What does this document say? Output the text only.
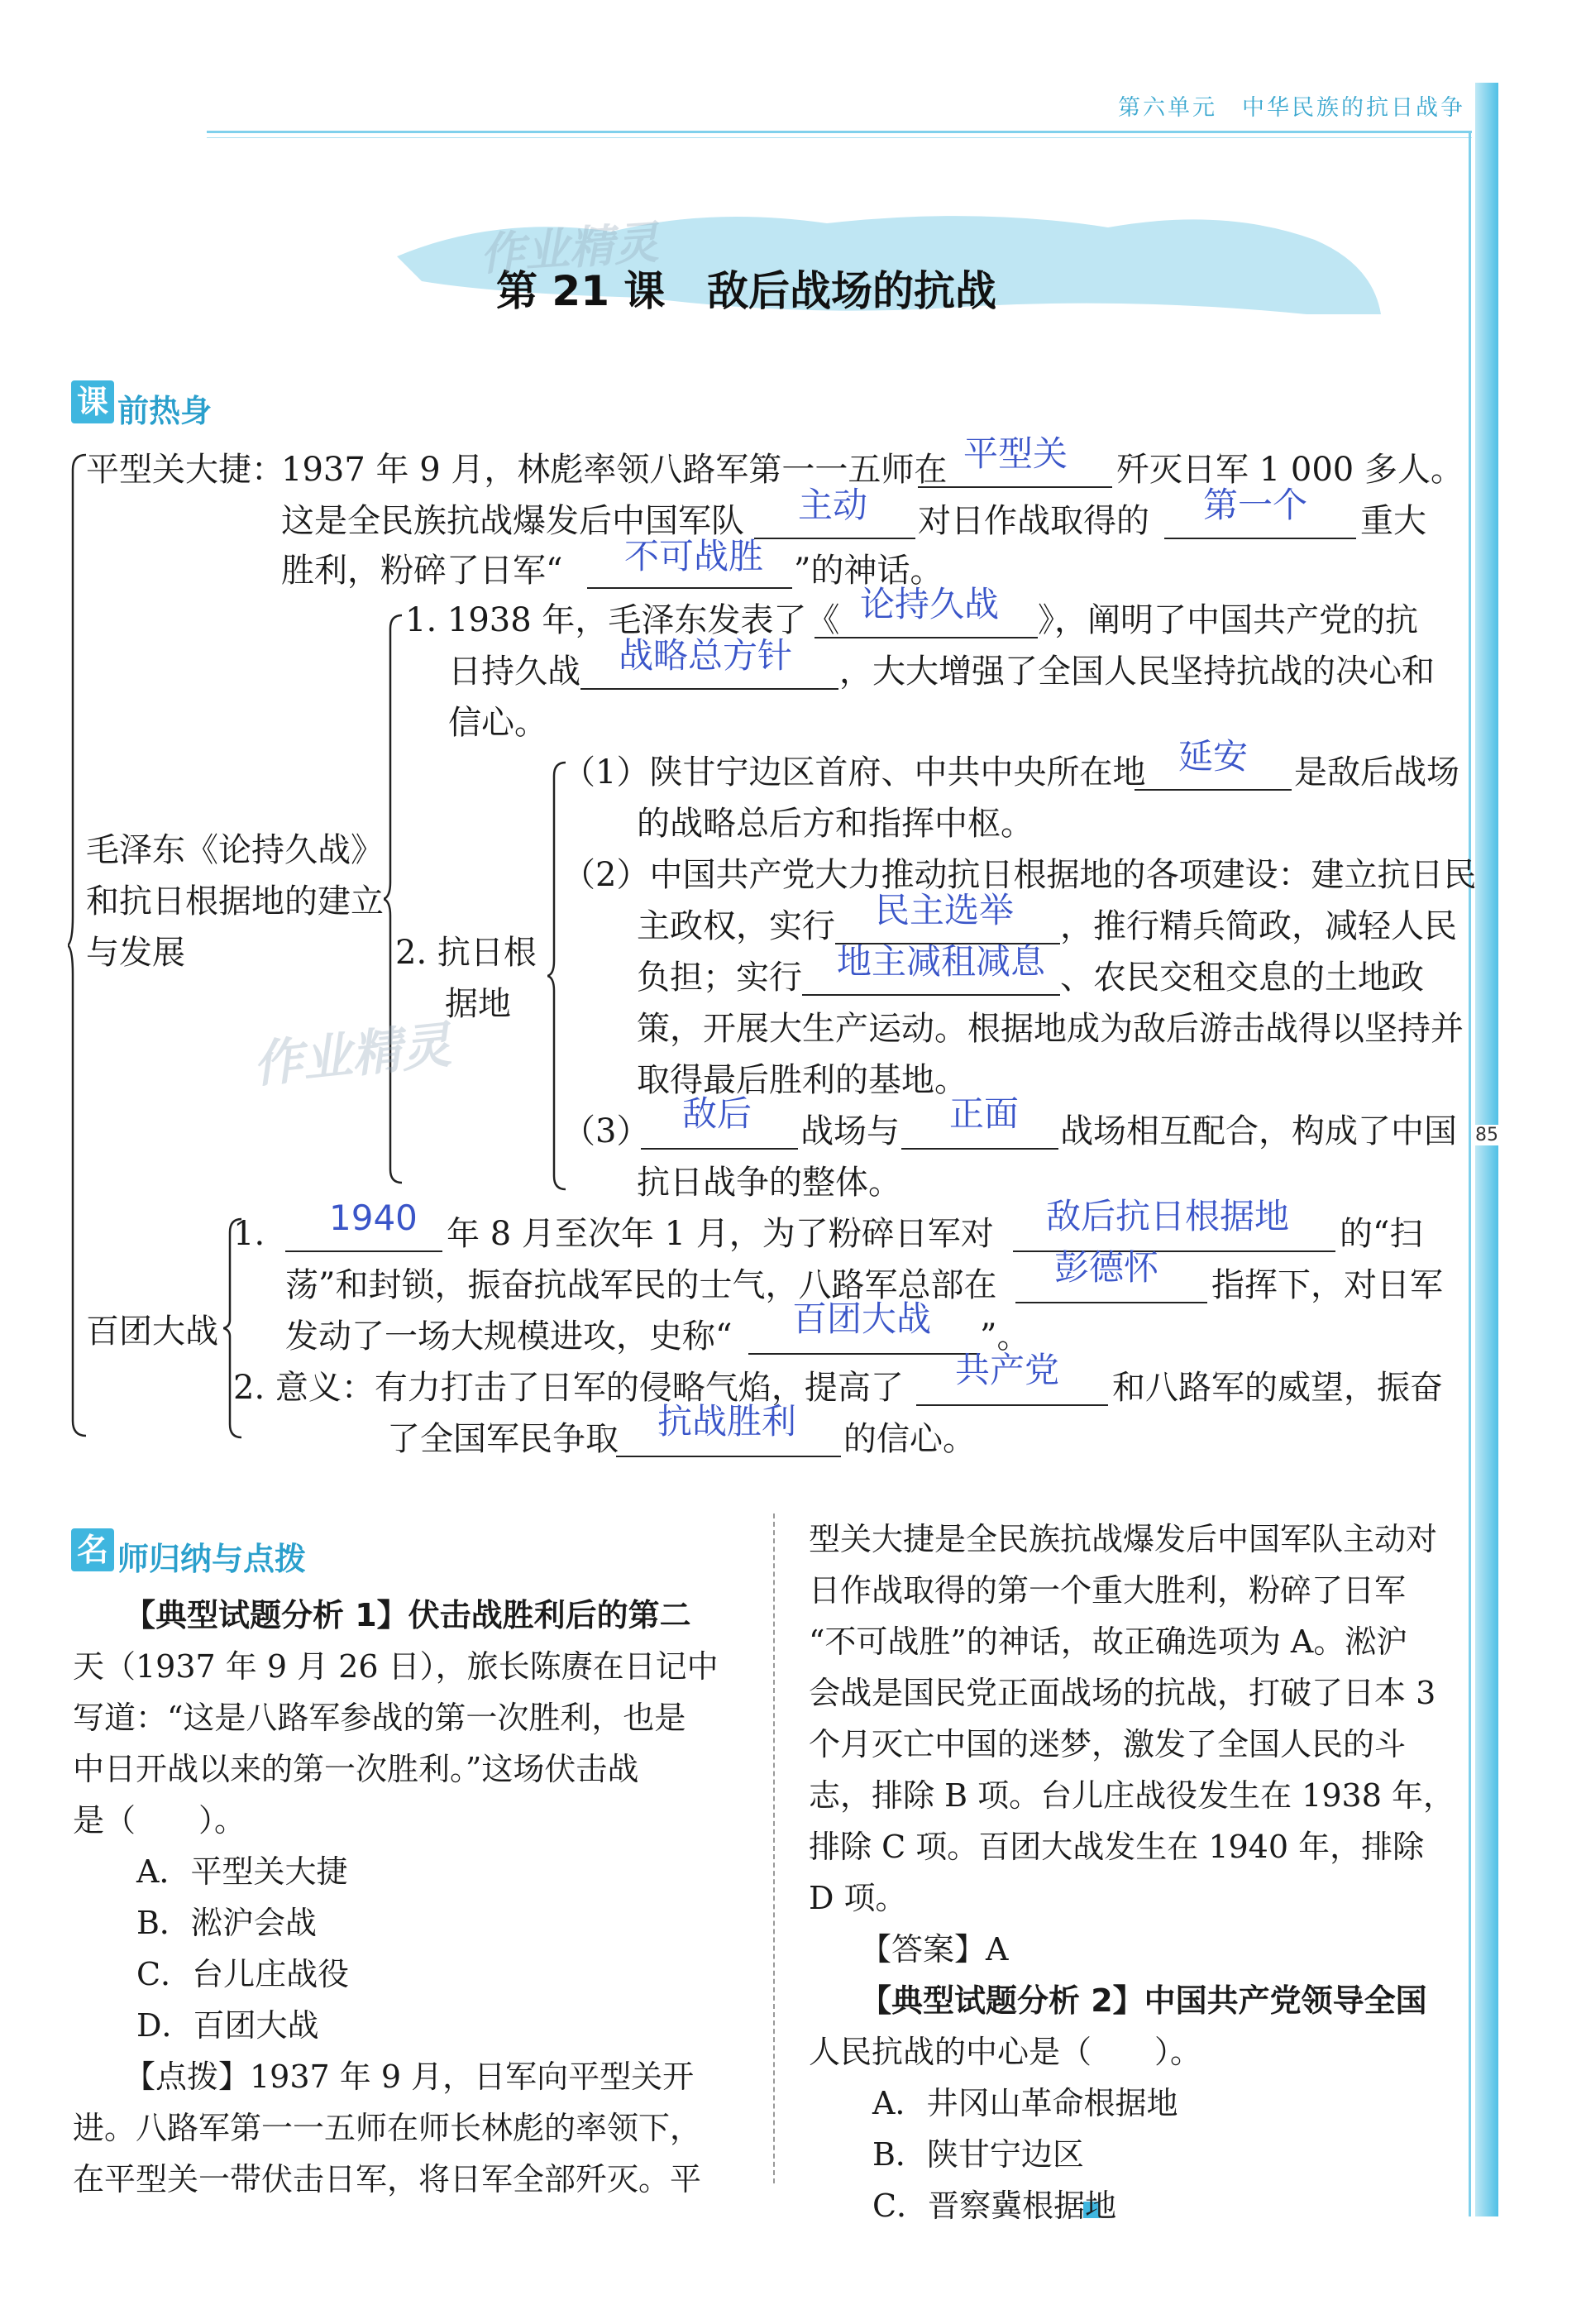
第六单元 中华民族的抗日战争
85
第 21 课 敌后战场的抗战
作业精灵
课 前热身
平型关大捷：
1937 年 9 月，林彪率领八路军第一一五师在 平型关 歼灭日军 1 000 多人。
这是全民族抗战爆发后中国军队 主动 对日作战取得的 第一个 重大
胜利，粉碎了日军“ 不可战胜 ”的神话。
毛泽东《论持久战》
和抗日根据地的建立
与发展
1. 1938 年，毛泽东发表了《 论持久战 》，阐明了中国共产党的抗
日持久战 战略总方针 ，大大增强了全国人民坚持抗战的决心和
信心。
2. 抗日根
据地
（1）陕甘宁边区首府、中共中央所在地 延安 是敌后战场
的战略总后方和指挥中枢。
（2）中国共产党大力推动抗日根据地的各项建设：建立抗日民
主政权，实行 民主选举 ，推行精兵简政，减轻人民
负担；实行 地主减租减息 、农民交租交息的土地政
策，开展大生产运动。根据地成为敌后游击战得以坚持并
取得最后胜利的基地。
（3） 敌后 战场与 正面 战场相互配合，构成了中国
抗日战争的整体。
作业精灵
百团大战
1. 1940 年 8 月至次年 1 月，为了粉碎日军对 敌后抗日根据地 的“扫
荡”和封锁，振奋抗战军民的士气，八路军总部在 彭德怀 指挥下，对日军
发动了一场大规模进攻，史称“ 百团大战 ”。
2. 意义：有力打击了日军的侵略气焰，提高了 共产党 和八路军的威望，振奋
了全国军民争取 抗战胜利 的信心。
名 师归纳与点拨
【典型试题分析 1】伏击战胜利后的第二
天（1937 年 9 月 26 日），旅长陈赓在日记中
写道：“这是八路军参战的第一次胜利，也是
中日开战以来的第一次胜利。”这场伏击战
是（　　）。
A．平型关大捷
B．淞沪会战
C．台儿庄战役
D．百团大战
【点拨】1937 年 9 月，日军向平型关开
进。八路军第一一五师在师长林彪的率领下，
在平型关一带伏击日军，将日军全部歼灭。平
型关大捷是全民族抗战爆发后中国军队主动对
日作战取得的第一个重大胜利，粉碎了日军
“不可战胜”的神话，故正确选项为 A。淞沪
会战是国民党正面战场的抗战，打破了日本 3
个月灭亡中国的迷梦，激发了全国人民的斗
志，排除 B 项。台儿庄战役发生在 1938 年，
排除 C 项。百团大战发生在 1940 年，排除
D 项。
【答案】A
【典型试题分析 2】中国共产党领导全国
人民抗战的中心是（　　）。
A．井冈山革命根据地
B．陕甘宁边区
C．晋察冀根据地
